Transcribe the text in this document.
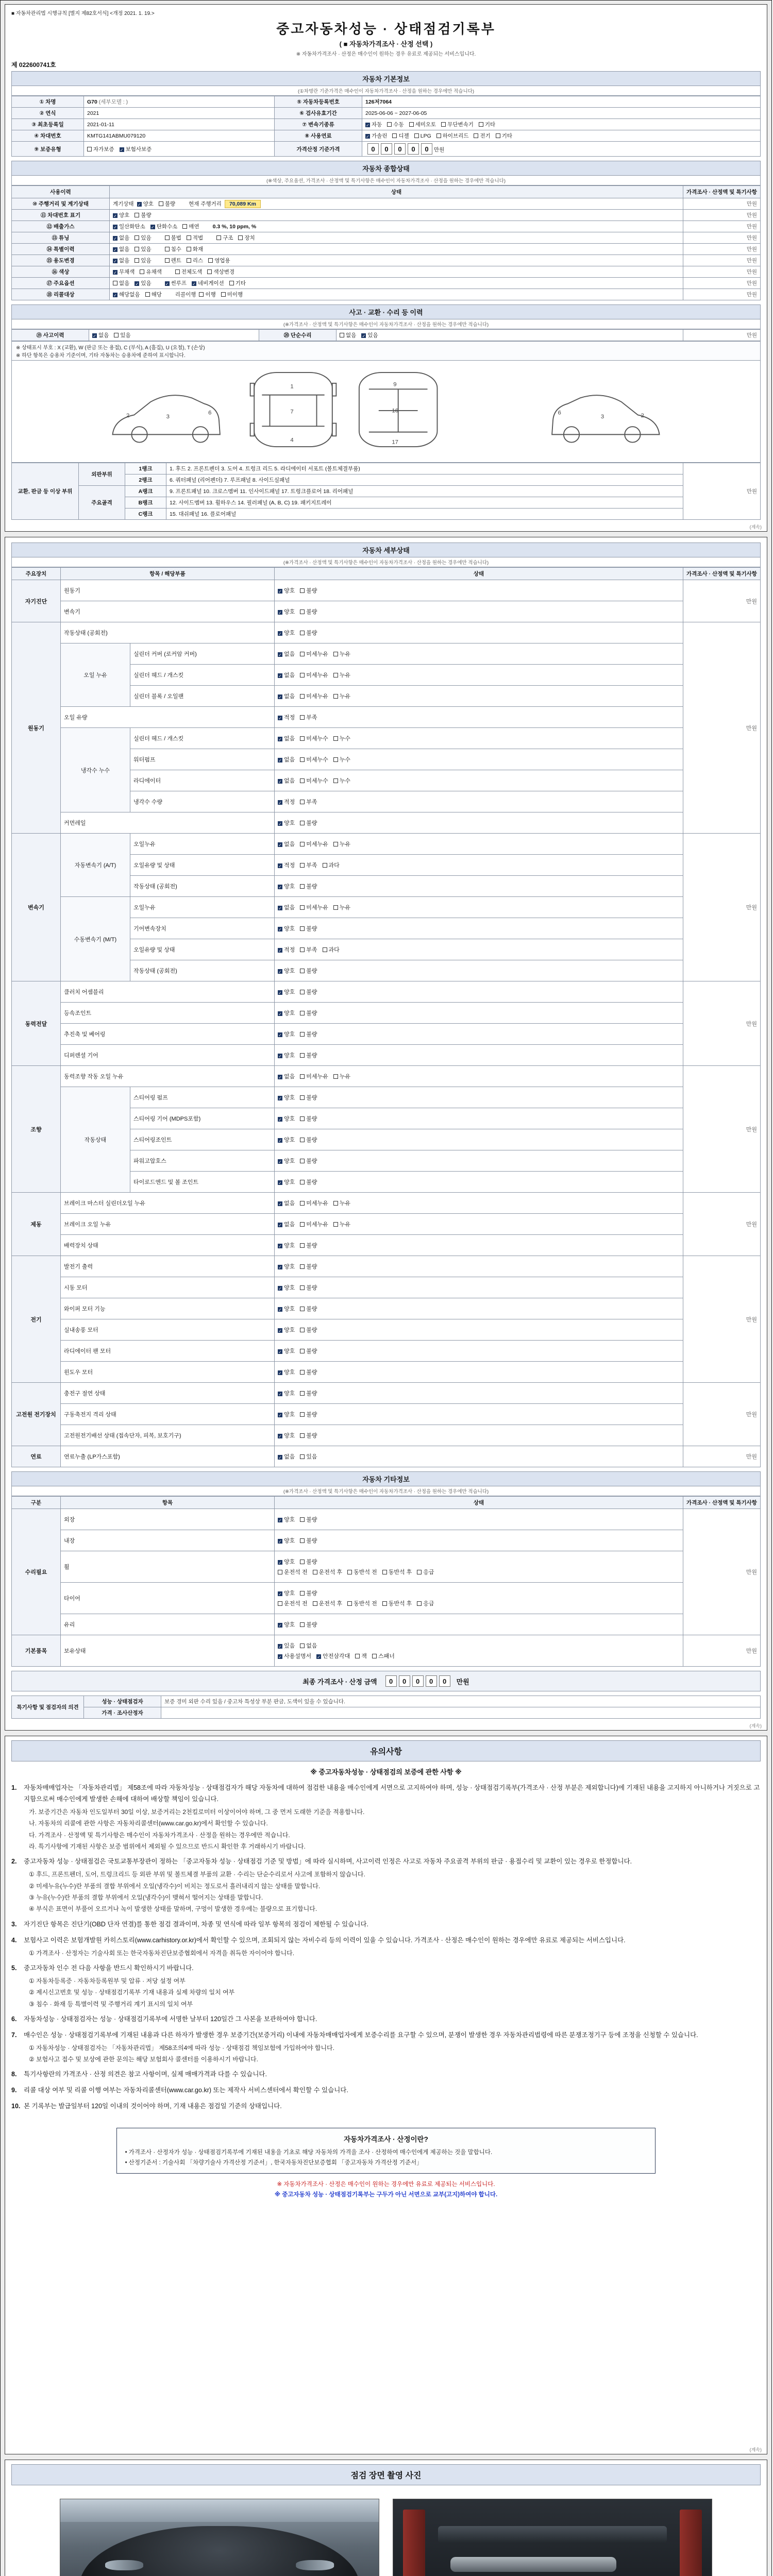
■ 자동차관리법 시행규칙 [별지 제82호서식] <개정 2021. 1. 19.>
중고자동차성능 · 상태점검기록부
( ■ 자동차가격조사 · 산정 선택 )
※ 자동차가격조사 · 산정은 매수인이 원하는 경우 유료로 제공되는 서비스입니다.
제 022600741호
자동차 기본정보
(①차명란 기준가격은 매수인이 자동차가격조사 · 산정을 원하는 경우에만 적습니다)
① 차명	G70 (세부모델 : )	⑤ 자동차등록번호	126저7064
② 연식	2021	⑥ 검사유효기간	2025-06-06 ~ 2027-06-05
③ 최초등록일	2021-01-11	⑦ 변속기종류	✓ 자동 수동 세미오토 무단변속기 기타
④ 차대번호	KMTG141ABMU079120	⑧ 사용연료	✓ 가솔린 디젤 LPG 하이브리드 전기 기타
⑨ 보증유형	자가보증 ✓ 보험사보증	가격산정 기준가격	0 0 0 0 0 만원
자동차 종합상태
(※색상, 주요옵션, 가격조사 · 산정액 및 특기사항은 매수인이 자동차가격조사 · 산정을 원하는 경우에만 적습니다)
사용이력	상태	가격조사 · 산정액 및 특기사항
⑩ 주행거리 및 계기상태	계기상태 ✓ 양호 불량 현재 주행거리 70,089 Km	만원
⑪ 차대번호 표기	✓ 양호 불량	만원
⑫ 배출가스	✓ 일산화탄소 ✓ 탄화수소 매연 0.3 %, 10 ppm, %	만원
⑬ 튜닝	✓ 없음 있음 불법 적법 구조 장치	만원
⑭ 특별이력	✓ 없음 있음 침수 화재	만원
⑮ 용도변경	✓ 없음 있음 렌트 리스 영업용	만원
⑯ 색상	✓ 무채색 유채색 전체도색 색상변경	만원
⑰ 주요옵션	없음 ✓ 있음 ✓ 썬루프 ✓ 네비게이션 기타	만원
⑱ 리콜대상	✓ 해당없음 해당 리콜이행 이행 미이행	만원
사고 · 교환 · 수리 등 이력
(※가격조사 · 산정액 및 특기사항은 매수인이 자동차가격조사 · 산정을 원하는 경우에만 적습니다)
⑲ 사고이력	✓ 없음 있음	⑳ 단순수리	없음 ✓ 있음	만원
※ 상태표시 부호 : X (교환), W (판금 또는 용접), C (부식), A (흠집), U (요철), T (손상)
※ 하단 항목은 승용차 기준이며, 기타 자동차는 승용차에 준하여 표시합니다.
2	3
6
1
7
4
9
16
17
2
3
6
교환, 판금 등 이상 부위	외판부위	1랭크	1. 후드 2. 프론트펜더 3. 도어 4. 트렁크 리드 5. 라디에이터 서포트 (볼트체결부품)	만원
		2랭크	6. 쿼터패널 (리어펜더) 7. 루프패널 8. 사이드실패널	
	주요골격	A랭크	9. 프론트패널 10. 크로스멤버 11. 인사이드패널 17. 트렁크플로어 18. 리어패널	
		B랭크	12. 사이드멤버 13. 휠하우스 14. 필러패널 (A, B, C) 19. 패키지트레이	
		C랭크	15. 대쉬패널 16. 플로어패널	
(계속)
자동차 세부상태
(※가격조사 · 산정액 및 특기사항은 매수인이 자동차가격조사 · 산정을 원하는 경우에만 적습니다)
주요장치	항목 / 해당부품		상태	가격조사 · 산정액 및 특기사항
자기진단	원동기		✓ 양호 불량	만원
	변속기		✓ 양호 불량	
원동기	작동상태 (공회전)		✓ 양호 불량	만원
	오일 누유	실린더 커버 (로커암 커버)	✓ 없음 미세누유 누유	
		실린더 헤드 / 개스킷	✓ 없음 미세누유 누유	
		실린더 블록 / 오일팬	✓ 없음 미세누유 누유	
	오일 유량		✓ 적정 부족	
	냉각수 누수	실린더 헤드 / 개스킷	✓ 없음 미세누수 누수	
		워터펌프	✓ 없음 미세누수 누수	
		라디에이터	✓ 없음 미세누수 누수	
		냉각수 수량	✓ 적정 부족	
	커먼레일		✓ 양호 불량	
변속기	자동변속기 (A/T)	오일누유	✓ 없음 미세누유 누유	만원
		오일유량 및 상태	✓ 적정 부족 과다	
		작동상태 (공회전)	✓ 양호 불량	
	수동변속기 (M/T)	오일누유	✓ 없음 미세누유 누유	
		기어변속장치	✓ 양호 불량	
		오일유량 및 상태	✓ 적정 부족 과다	
		작동상태 (공회전)	✓ 양호 불량	
동력전달	클러치 어셈블리		✓ 양호 불량	만원
	등속조인트		✓ 양호 불량	
	추진축 및 베어링		✓ 양호 불량	
	디퍼렌셜 기어		✓ 양호 불량	
조향	동력조향 작동 오일 누유		✓ 없음 미세누유 누유	만원
	작동상태	스티어링 펌프	✓ 양호 불량	
		스티어링 기어 (MDPS포함)	✓ 양호 불량	
		스티어링조인트	✓ 양호 불량	
		파워고압호스	✓ 양호 불량	
		타이로드엔드 및 볼 조인트	✓ 양호 불량	
제동	브레이크 마스터 실린더오일 누유		✓ 없음 미세누유 누유	만원
	브레이크 오일 누유		✓ 없음 미세누유 누유	
	배력장치 상태		✓ 양호 불량	
전기	발전기 출력		✓ 양호 불량	만원
	시동 모터		✓ 양호 불량	
	와이퍼 모터 기능		✓ 양호 불량	
	실내송풍 모터		✓ 양호 불량	
	라디에이터 팬 모터		✓ 양호 불량	
	윈도우 모터		✓ 양호 불량	
고전원 전기장치	충전구 절연 상태		✓ 양호 불량	만원
	구동축전지 격리 상태		✓ 양호 불량	
	고전원전기배선 상태 (접속단자, 피복, 보호기구)		✓ 양호 불량	
연료	연료누출 (LP가스포함)		✓ 없음 있음	만원
자동차 기타정보
(※가격조사 · 산정액 및 특기사항은 매수인이 자동차가격조사 · 산정을 원하는 경우에만 적습니다)
구분	항목	상태	가격조사 · 산정액 및 특기사항
수리필요	외장	✓ 양호 불량	만원
	내장	✓ 양호 불량	
	휠	✓ 양호 불량
운전석 전 운전석 후 동반석 전 동반석 후 응급	

	타이어	✓ 양호 불량
운전석 전 운전석 후 동반석 전 동반석 후 응급	

	유리	✓ 양호 불량	
기본품목	보유상태	✓ 있음 없음
✓ 사용설명서 ✓ 안전삼각대 잭 스패너	만원
최종 가격조사 · 산정 금액	0 0 0 0 0	만원
특기사항 및 점검자의 의견	성능 · 상태점검자	보증 경미 외판 수리 있음 / 중고차 특성상 부분 판금, 도색이 있을 수 있습니다.
	가격 · 조사산정자	
(계속)
유의사항
※ 중고자동차성능 · 상태점검의 보증에 관한 사항 ※
1.	자동차매매업자는 「자동차관리법」 제58조에 따라 자동차성능 · 상태점검자가 해당 자동차에 대하여 점검한 내용을 매수인에게 서면으로 고지하여야 하며, 성능 · 상태점검기록부(가격조사 · 산정 부분은 제외합니다)에 기재된 내용을 고지하지 아니하거나 거짓으로 고지함으로써 매수인에게 발생한 손해에 대하여 배상할 책임이 있습니다.
가. 보증기간은 자동차 인도일부터 30일 이상, 보증거리는 2천킬로미터 이상이어야 하며, 그 중 먼저 도래한 기준을 적용합니다.
나. 자동차의 리콜에 관한 사항은 자동차리콜센터(www.car.go.kr)에서 확인할 수 있습니다.
다. 가격조사 · 산정액 및 특기사항은 매수인이 자동차가격조사 · 산정을 원하는 경우에만 적습니다.
라. 특기사항에 기재된 사항은 보증 범위에서 제외될 수 있으므로 반드시 확인한 후 거래하시기 바랍니다.
2.	중고자동차 성능 · 상태점검은 국토교통부장관이 정하는 「중고자동차 성능 · 상태점검 기준 및 방법」에 따라 실시하며, 사고이력 인정은 사고로 자동차 주요골격 부위의 판금 · 용접수리 및 교환이 있는 경우로 한정합니다.
① 후드, 프론트펜더, 도어, 트렁크리드 등 외판 부위 및 볼트체결 부품의 교환 · 수리는 단순수리로서 사고에 포함하지 않습니다.
② 미세누유(누수)란 부품의 결합 부위에서 오일(냉각수)이 비치는 정도로서 흘러내리지 않는 상태를 말합니다.
③ 누유(누수)란 부품의 결합 부위에서 오일(냉각수)이 맺혀서 떨어지는 상태를 말합니다.
④ 부식은 표면이 부풀어 오르거나 녹이 발생한 상태를 말하며, 구멍이 발생한 경우에는 불량으로 표기합니다.
3.	자기진단 항목은 진단기(OBD 단자 연결)를 통한 점검 결과이며, 차종 및 연식에 따라 일부 항목의 점검이 제한될 수 있습니다.
4.	보험사고 이력은 보험개발원 카히스토리(www.carhistory.or.kr)에서 확인할 수 있으며, 조회되지 않는 자비수리 등의 이력이 있을 수 있습니다. 가격조사 · 산정은 매수인이 원하는 경우에만 유료로 제공되는 서비스입니다.
① 가격조사 · 산정자는 기술사회 또는 한국자동차진단보증협회에서 자격을 취득한 자이어야 합니다.
5.	중고자동차 인수 전 다음 사항을 반드시 확인하시기 바랍니다.
① 자동차등록증 · 자동차등록원부 및 압류 · 저당 설정 여부
② 제시신고번호 및 성능 · 상태점검기록부 기재 내용과 실제 차량의 일치 여부
③ 침수 · 화재 등 특별이력 및 주행거리 계기 표시의 일치 여부
6.	자동차성능 · 상태점검자는 성능 · 상태점검기록부에 서명한 날부터 120일간 그 사본을 보관하여야 합니다.
7.	매수인은 성능 · 상태점검기록부에 기재된 내용과 다른 하자가 발생한 경우 보증기간(보증거리) 이내에 자동차매매업자에게 보증수리를 요구할 수 있으며, 분쟁이 발생한 경우 자동차관리법령에 따른 분쟁조정기구 등에 조정을 신청할 수 있습니다.
① 자동차성능 · 상태점검자는 「자동차관리법」 제58조의4에 따라 성능 · 상태점검 책임보험에 가입하여야 합니다.
② 보험사고 접수 및 보상에 관한 문의는 해당 보험회사 콜센터를 이용하시기 바랍니다.
8.	특기사항란의 가격조사 · 산정 의견은 참고 사항이며, 실제 매매가격과 다를 수 있습니다.
9.	리콜 대상 여부 및 리콜 이행 여부는 자동차리콜센터(www.car.go.kr) 또는 제작사 서비스센터에서 확인할 수 있습니다.
10. 본 기록부는 발급일부터 120일 이내의 것이어야 하며, 기재 내용은 점검일 기준의 상태입니다.
자동차가격조사 · 산정이란?
• 가격조사 · 산정자가 성능 · 상태점검기록부에 기재된 내용을 기초로 해당 자동차의 가격을 조사 · 산정하여 매수인에게 제공하는 것을 말합니다.
• 산정기준서 : 기술사회 「차량기술사 가격산정 기준서」, 한국자동차진단보증협회 「중고자동차 가격산정 기준서」
※ 자동차가격조사 · 산정은 매수인이 원하는 경우에만 유료로 제공되는 서비스입니다.
※ 중고자동차 성능 · 상태점검기록부는 구두가 아닌 서면으로 교부(고지)하여야 합니다.
(계속)
점검 장면 촬영 사진
